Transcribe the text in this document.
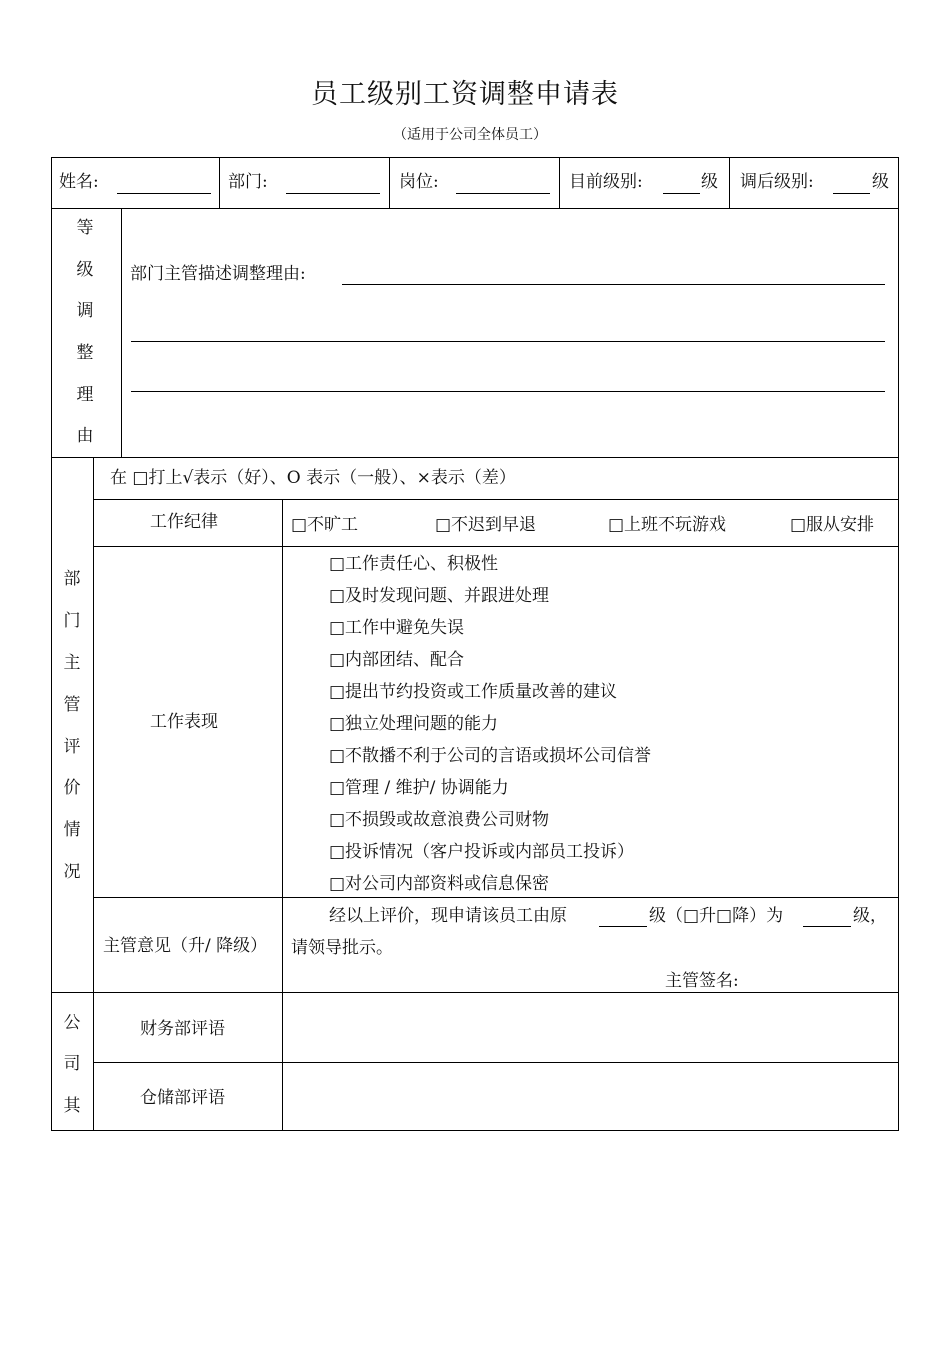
员工级别工资调整申请表
（适用于公司全体员工）
姓名:	部门:	岗位:	目前级别:	级 调后级别:	级
等
级
调
整
理
由
部门主管描述调整理由:
部
门
主
管
评
价
情
况
在 □打上√表示（好）、O 表示（一般）、×表示（差）
工作纪律	□不旷工	□不迟到早退	□上班不玩游戏	□服从安排
工作表现
□工作责任心、积极性
□及时发现问题、并跟进处理
□工作中避免失误
□内部团结、配合
□提出节约投资或工作质量改善的建议
□独立处理问题的能力
□不散播不利于公司的言语或损坏公司信誉
□管理 / 维护/ 协调能力
□不损毁或故意浪费公司财物
□投诉情况（客户投诉或内部员工投诉）
□对公司内部资料或信息保密
主管意见（升/ 降级）
经以上评价，现申请该员工由原	级（□升□降）为	级，
请领导批示。
主管签名:
公
司
其
财务部评语
仓储部评语
